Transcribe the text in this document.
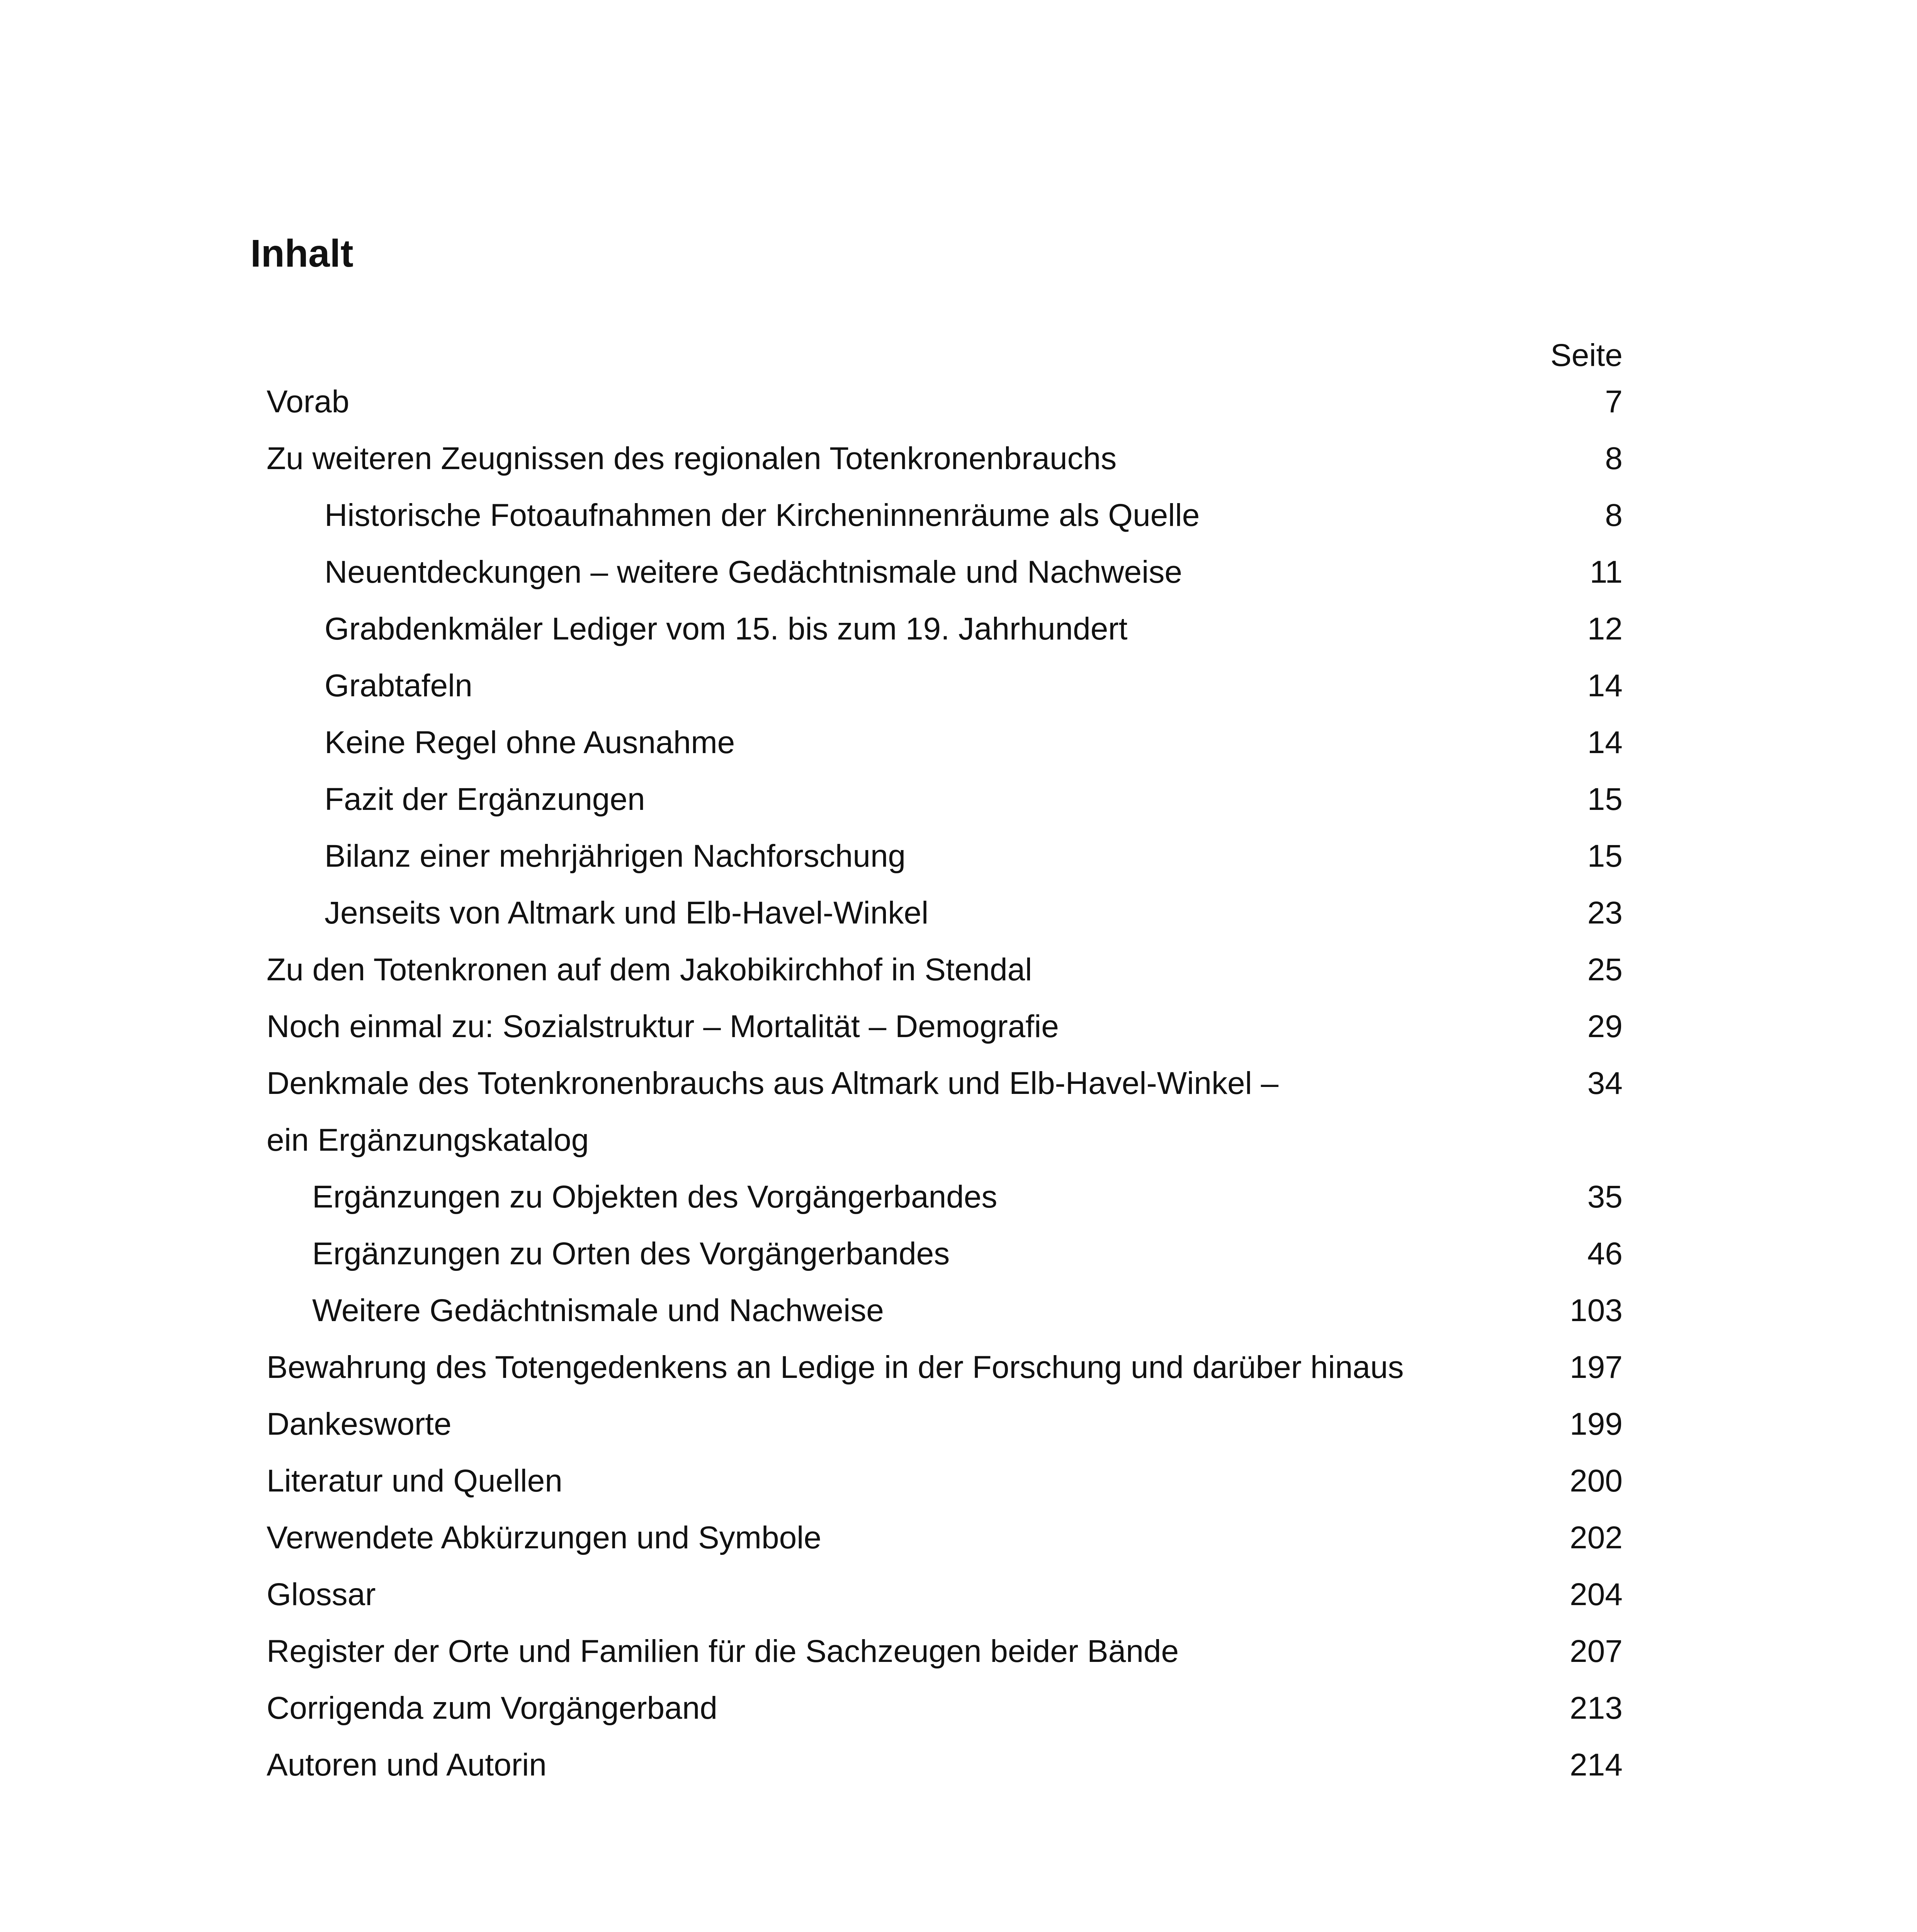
Inhalt
Seite
Vorab	7
Zu weiteren Zeugnissen des regionalen Totenkronenbrauchs	8
Historische Fotoaufnahmen der Kircheninnenräume als Quelle	8
Neuentdeckungen – weitere Gedächtnismale und Nachweise	11
Grabdenkmäler Lediger vom 15. bis zum 19. Jahrhundert	12
Grabtafeln	14
Keine Regel ohne Ausnahme	14
Fazit der Ergänzungen	15
Bilanz einer mehrjährigen Nachforschung	15
Jenseits von Altmark und Elb-Havel-Winkel	23
Zu den Totenkronen auf dem Jakobikirchhof in Stendal	25
Noch einmal zu: Sozialstruktur – Mortalität – Demografie	29
Denkmale des Totenkronenbrauchs aus Altmark und Elb-Havel-Winkel –	34
ein Ergänzungskatalog
Ergänzungen zu Objekten des Vorgängerbandes	35
Ergänzungen zu Orten des Vorgängerbandes	46
Weitere Gedächtnismale und Nachweise	103
Bewahrung des Totengedenkens an Ledige in der Forschung und darüber hinaus	197
Dankesworte	199
Literatur und Quellen	200
Verwendete Abkürzungen und Symbole	202
Glossar	204
Register der Orte und Familien für die Sachzeugen beider Bände	207
Corrigenda zum Vorgängerband	213
Autoren und Autorin	214
